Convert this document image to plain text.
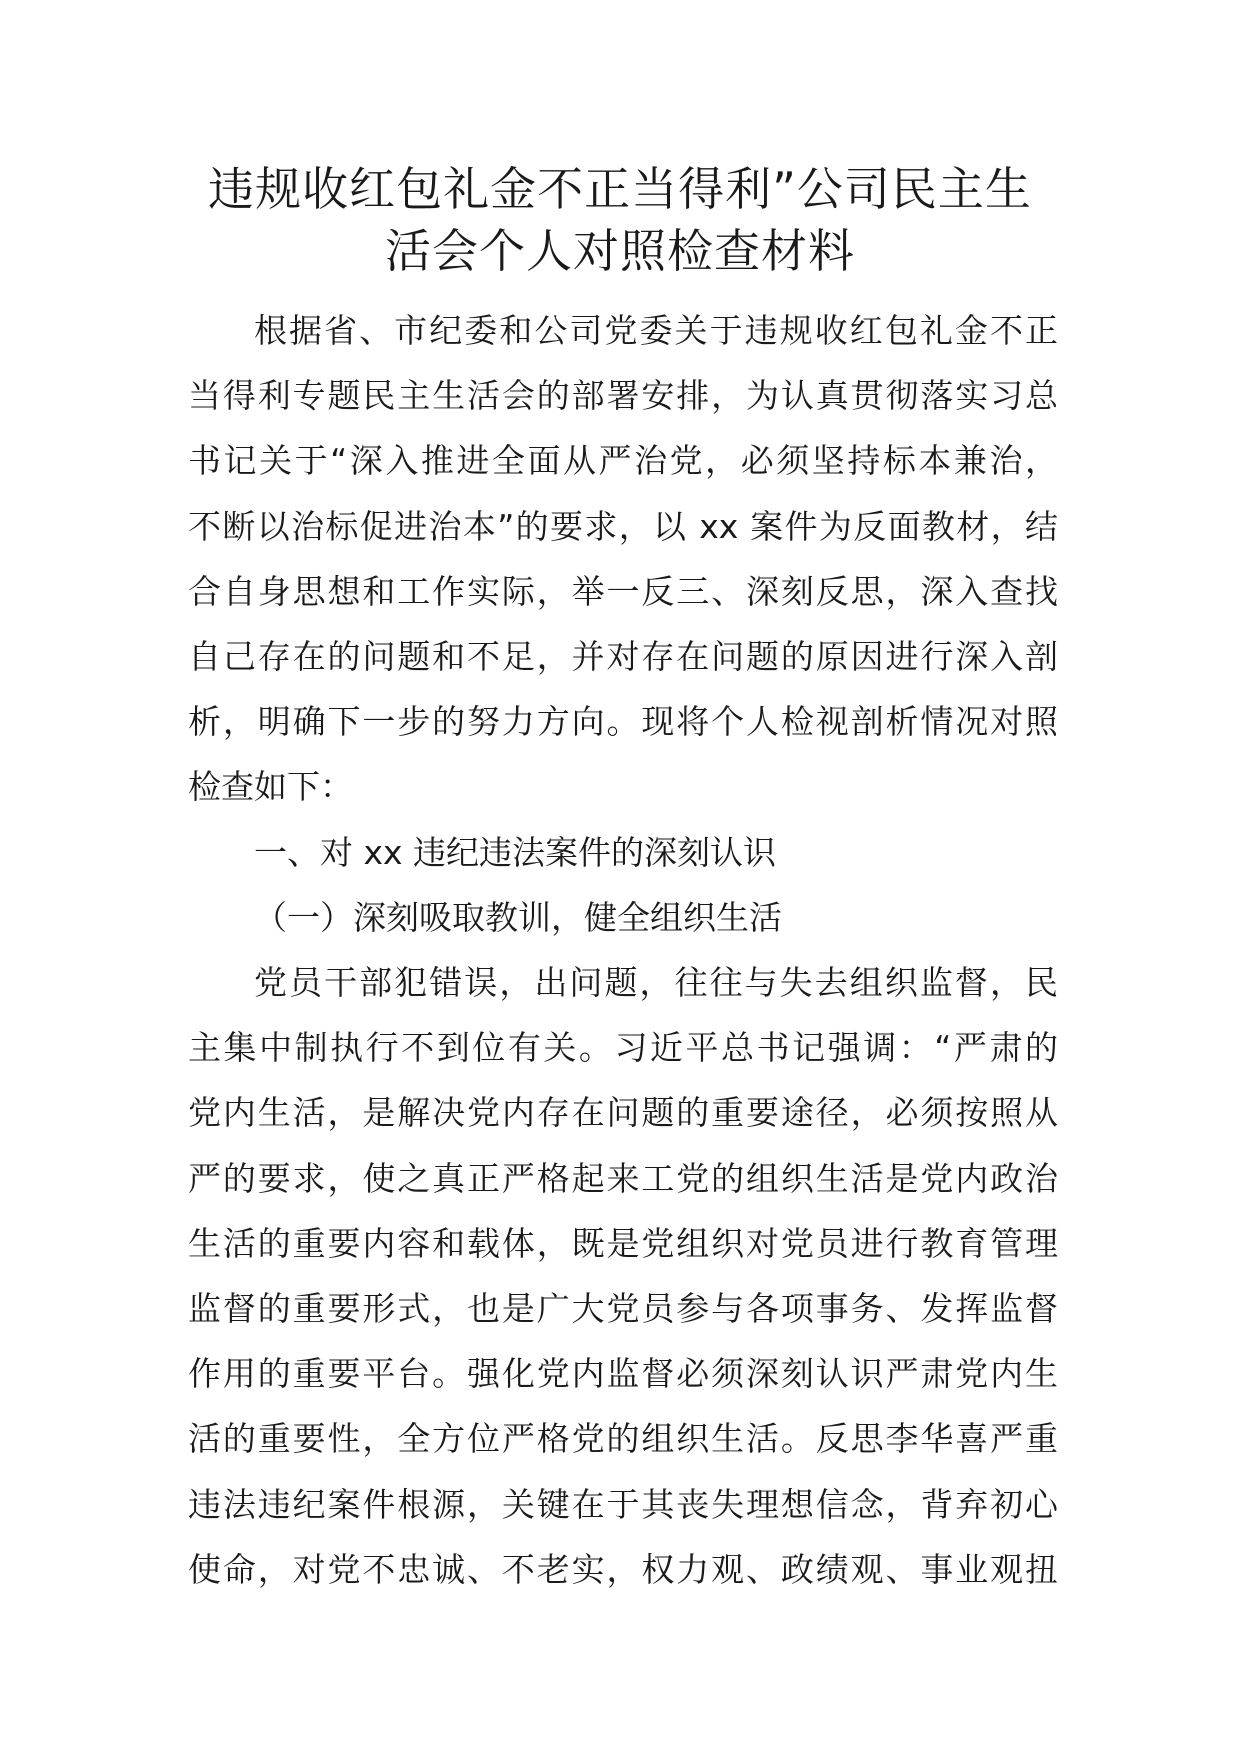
违规收红包礼金不正当得利”公司民主生
活会个人对照检查材料

根据省、市纪委和公司党委关于违规收红包礼金不正
当得利专题民主生活会的部署安排，为认真贯彻落实习总
书记关于“深入推进全面从严治党，必须坚持标本兼治，
不断以治标促进治本”的要求，以 xx 案件为反面教材，结
合自身思想和工作实际，举一反三、深刻反思，深入查找
自己存在的问题和不足，并对存在问题的原因进行深入剖
析，明确下一步的努力方向。现将个人检视剖析情况对照
检查如下：

一、对 xx 违纪违法案件的深刻认识

（一）深刻吸取教训，健全组织生活

党员干部犯错误，出问题，往往与失去组织监督，民
主集中制执行不到位有关。习近平总书记强调：“严肃的
党内生活，是解决党内存在问题的重要途径，必须按照从
严的要求，使之真正严格起来工党的组织生活是党内政治
生活的重要内容和载体，既是党组织对党员进行教育管理
监督的重要形式，也是广大党员参与各项事务、发挥监督
作用的重要平台。强化党内监督必须深刻认识严肃党内生
活的重要性，全方位严格党的组织生活。反思李华喜严重
违法违纪案件根源，关键在于其丧失理想信念，背弃初心
使命，对党不忠诚、不老实，权力观、政绩观、事业观扭
